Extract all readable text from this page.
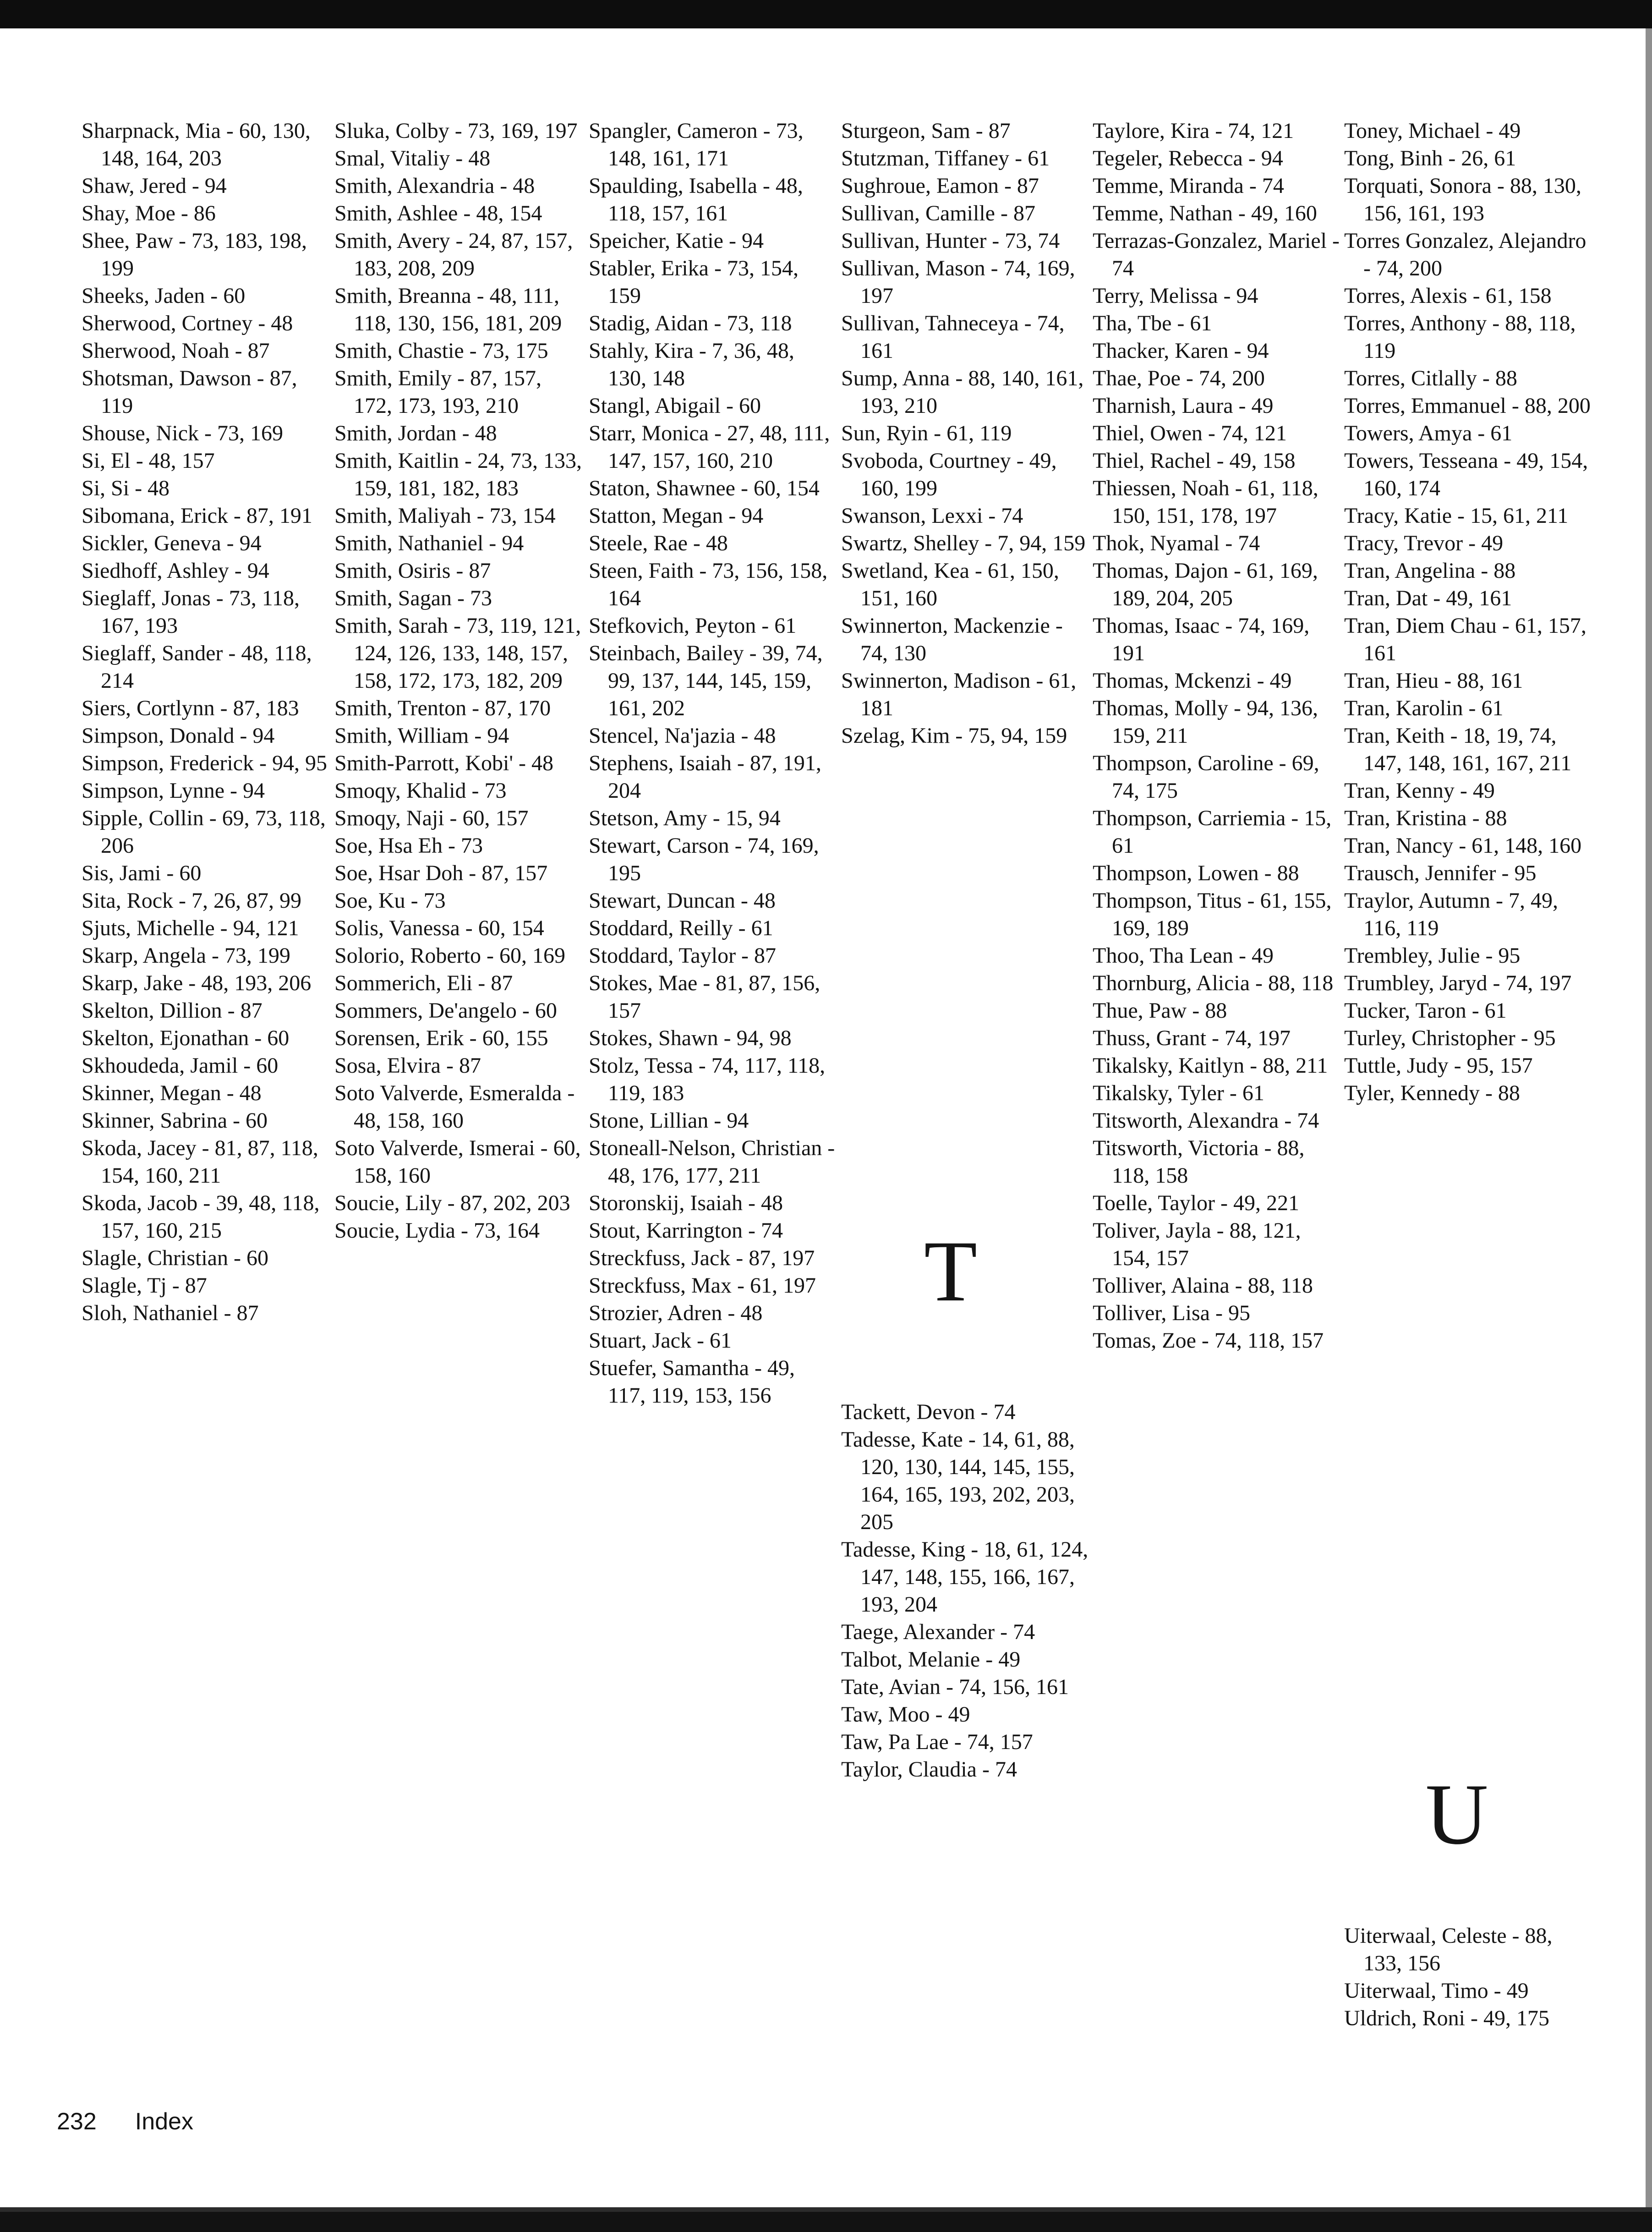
Sharpnack, Mia - 60, 130, 148, 164, 203
Shaw, Jered - 94
Shay, Moe - 86
Shee, Paw - 73, 183, 198, 199
Sheeks, Jaden - 60
Sherwood, Cortney - 48
Sherwood, Noah - 87
Shotsman, Dawson - 87, 119
Shouse, Nick - 73, 169
Si, El - 48, 157
Si, Si - 48
Sibomana, Erick - 87, 191
Sickler, Geneva - 94
Siedhoff, Ashley - 94
Sieglaff, Jonas - 73, 118, 167, 193
Sieglaff, Sander - 48, 118, 214
Siers, Cortlynn - 87, 183
Simpson, Donald - 94
Simpson, Frederick - 94, 95
Simpson, Lynne - 94
Sipple, Collin - 69, 73, 118, 206
Sis, Jami - 60
Sita, Rock - 7, 26, 87, 99
Sjuts, Michelle - 94, 121
Skarp, Angela - 73, 199
Skarp, Jake - 48, 193, 206
Skelton, Dillion - 87
Skelton, Ejonathan - 60
Skhoudeda, Jamil - 60
Skinner, Megan - 48
Skinner, Sabrina - 60
Skoda, Jacey - 81, 87, 118, 154, 160, 211
Skoda, Jacob - 39, 48, 118, 157, 160, 215
Slagle, Christian - 60
Slagle, Tj - 87
Sloh, Nathaniel - 87
Sluka, Colby - 73, 169, 197
Smal, Vitaliy - 48
Smith, Alexandria - 48
Smith, Ashlee - 48, 154
Smith, Avery - 24, 87, 157, 183, 208, 209
Smith, Breanna - 48, 111, 118, 130, 156, 181, 209
Smith, Chastie - 73, 175
Smith, Emily - 87, 157, 172, 173, 193, 210
Smith, Jordan - 48
Smith, Kaitlin - 24, 73, 133, 159, 181, 182, 183
Smith, Maliyah - 73, 154
Smith, Nathaniel - 94
Smith, Osiris - 87
Smith, Sagan - 73
Smith, Sarah - 73, 119, 121, 124, 126, 133, 148, 157, 158, 172, 173, 182, 209
Smith, Trenton - 87, 170
Smith, William - 94
Smith-Parrott, Kobi' - 48
Smoqy, Khalid - 73
Smoqy, Naji - 60, 157
Soe, Hsa Eh - 73
Soe, Hsar Doh - 87, 157
Soe, Ku - 73
Solis, Vanessa - 60, 154
Solorio, Roberto - 60, 169
Sommerich, Eli - 87
Sommers, De'angelo - 60
Sorensen, Erik - 60, 155
Sosa, Elvira - 87
Soto Valverde, Esmeralda - 48, 158, 160
Soto Valverde, Ismerai - 60, 158, 160
Soucie, Lily - 87, 202, 203
Soucie, Lydia - 73, 164
Spangler, Cameron - 73, 148, 161, 171
Spaulding, Isabella - 48, 118, 157, 161
Speicher, Katie - 94
Stabler, Erika - 73, 154, 159
Stadig, Aidan - 73, 118
Stahly, Kira - 7, 36, 48, 130, 148
Stangl, Abigail - 60
Starr, Monica - 27, 48, 111, 147, 157, 160, 210
Staton, Shawnee - 60, 154
Statton, Megan - 94
Steele, Rae - 48
Steen, Faith - 73, 156, 158, 164
Stefkovich, Peyton - 61
Steinbach, Bailey - 39, 74, 99, 137, 144, 145, 159, 161, 202
Stencel, Na'jazia - 48
Stephens, Isaiah - 87, 191, 204
Stetson, Amy - 15, 94
Stewart, Carson - 74, 169, 195
Stewart, Duncan - 48
Stoddard, Reilly - 61
Stoddard, Taylor - 87
Stokes, Mae - 81, 87, 156, 157
Stokes, Shawn - 94, 98
Stolz, Tessa - 74, 117, 118, 119, 183
Stone, Lillian - 94
Stoneall-Nelson, Christian - 48, 176, 177, 211
Storonskij, Isaiah - 48
Stout, Karrington - 74
Streckfuss, Jack - 87, 197
Streckfuss, Max - 61, 197
Strozier, Adren - 48
Stuart, Jack - 61
Stuefer, Samantha - 49, 117, 119, 153, 156
Sturgeon, Sam - 87
Stutzman, Tiffaney - 61
Sughroue, Eamon - 87
Sullivan, Camille - 87
Sullivan, Hunter - 73, 74
Sullivan, Mason - 74, 169, 197
Sullivan, Tahneceya - 74, 161
Sump, Anna - 88, 140, 161, 193, 210
Sun, Ryin - 61, 119
Svoboda, Courtney - 49, 160, 199
Swanson, Lexxi - 74
Swartz, Shelley - 7, 94, 159
Swetland, Kea - 61, 150, 151, 160
Swinnerton, Mackenzie - 74, 130
Swinnerton, Madison - 61, 181
Szelag, Kim - 75, 94, 159
T
Tackett, Devon - 74
Tadesse, Kate - 14, 61, 88, 120, 130, 144, 145, 155, 164, 165, 193, 202, 203, 205
Tadesse, King - 18, 61, 124, 147, 148, 155, 166, 167, 193, 204
Taege, Alexander - 74
Talbot, Melanie - 49
Tate, Avian - 74, 156, 161
Taw, Moo - 49
Taw, Pa Lae - 74, 157
Taylor, Claudia - 74
Taylore, Kira - 74, 121
Tegeler, Rebecca - 94
Temme, Miranda - 74
Temme, Nathan - 49, 160
Terrazas-Gonzalez, Mariel - 74
Terry, Melissa - 94
Tha, Tbe - 61
Thacker, Karen - 94
Thae, Poe - 74, 200
Tharnish, Laura - 49
Thiel, Owen - 74, 121
Thiel, Rachel - 49, 158
Thiessen, Noah - 61, 118, 150, 151, 178, 197
Thok, Nyamal - 74
Thomas, Dajon - 61, 169, 189, 204, 205
Thomas, Isaac - 74, 169, 191
Thomas, Mckenzi - 49
Thomas, Molly - 94, 136, 159, 211
Thompson, Caroline - 69, 74, 175
Thompson, Carriemia - 15, 61
Thompson, Lowen - 88
Thompson, Titus - 61, 155, 169, 189
Thoo, Tha Lean - 49
Thornburg, Alicia - 88, 118
Thue, Paw - 88
Thuss, Grant - 74, 197
Tikalsky, Kaitlyn - 88, 211
Tikalsky, Tyler - 61
Titsworth, Alexandra - 74
Titsworth, Victoria - 88, 118, 158
Toelle, Taylor - 49, 221
Toliver, Jayla - 88, 121, 154, 157
Tolliver, Alaina - 88, 118
Tolliver, Lisa - 95
Tomas, Zoe - 74, 118, 157
Toney, Michael - 49
Tong, Binh - 26, 61
Torquati, Sonora - 88, 130, 156, 161, 193
Torres Gonzalez, Alejandro - 74, 200
Torres, Alexis - 61, 158
Torres, Anthony - 88, 118, 119
Torres, Citlally - 88
Torres, Emmanuel - 88, 200
Towers, Amya - 61
Towers, Tesseana - 49, 154, 160, 174
Tracy, Katie - 15, 61, 211
Tracy, Trevor - 49
Tran, Angelina - 88
Tran, Dat - 49, 161
Tran, Diem Chau - 61, 157, 161
Tran, Hieu - 88, 161
Tran, Karolin - 61
Tran, Keith - 18, 19, 74, 147, 148, 161, 167, 211
Tran, Kenny - 49
Tran, Kristina - 88
Tran, Nancy - 61, 148, 160
Trausch, Jennifer - 95
Traylor, Autumn - 7, 49, 116, 119
Trembley, Julie - 95
Trumbley, Jaryd - 74, 197
Tucker, Taron - 61
Turley, Christopher - 95
Tuttle, Judy - 95, 157
Tyler, Kennedy - 88
U
Uiterwaal, Celeste - 88, 133, 156
Uiterwaal, Timo - 49
Uldrich, Roni - 49, 175
232 Index
